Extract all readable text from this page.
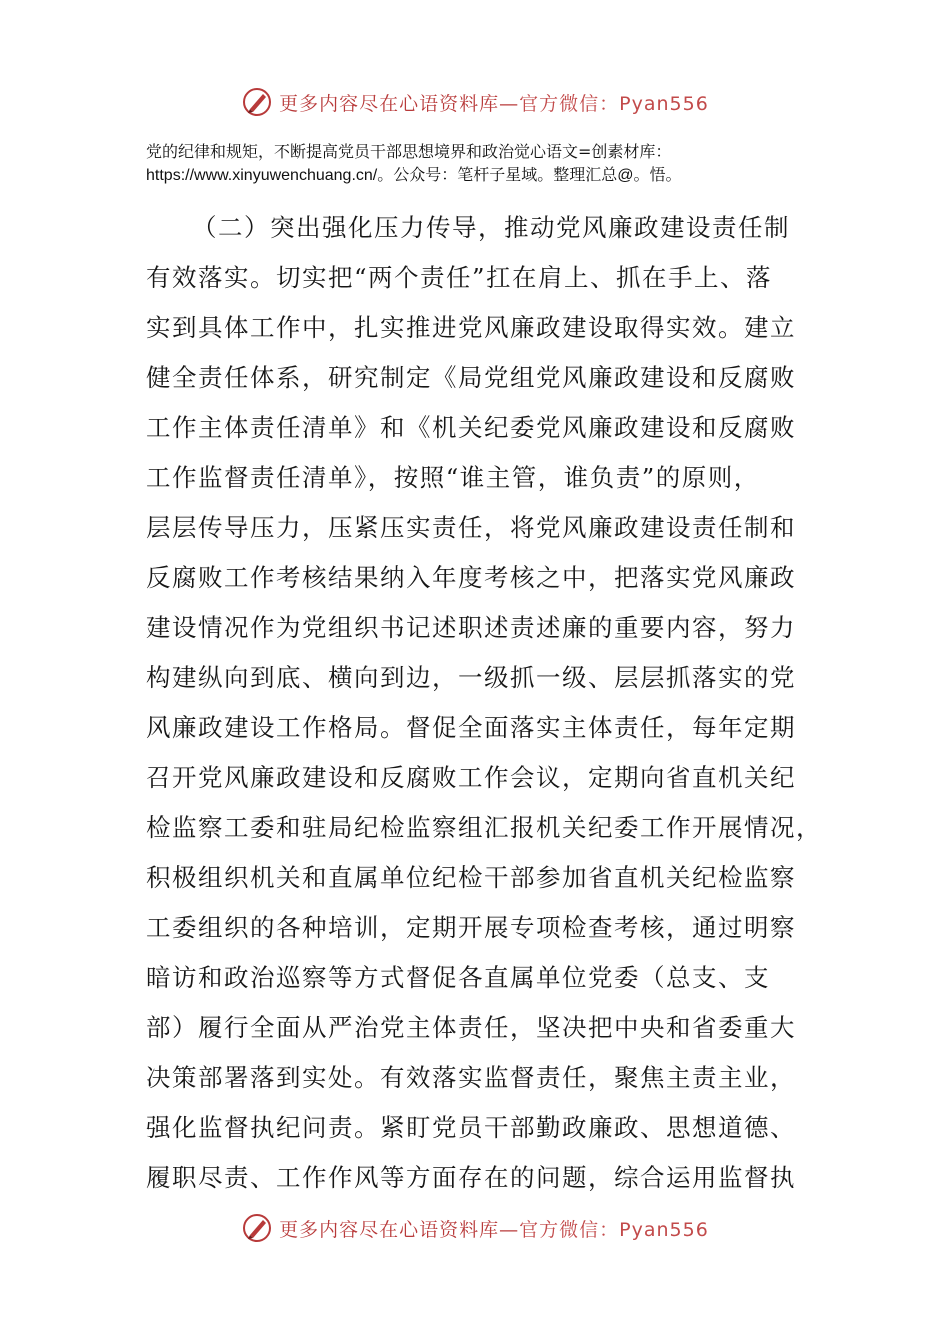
更多内容尽在心语资料库—官方微信：Pyan556
党的纪律和规矩，不断提高党员干部思想境界和政治觉心语文=创素材库：
https://www.xinyuwenchuang.cn/。公众号：笔杆子星域。整理汇总@。悟。
（二）突出强化压力传导，推动党风廉政建设责任制
有效落实。切实把“两个责任”扛在肩上、抓在手上、落
实到具体工作中，扎实推进党风廉政建设取得实效。建立
健全责任体系，研究制定《局党组党风廉政建设和反腐败
工作主体责任清单》和《机关纪委党风廉政建设和反腐败
工作监督责任清单》，按照“谁主管，谁负责”的原则，
层层传导压力，压紧压实责任，将党风廉政建设责任制和
反腐败工作考核结果纳入年度考核之中，把落实党风廉政
建设情况作为党组织书记述职述责述廉的重要内容，努力
构建纵向到底、横向到边，一级抓一级、层层抓落实的党
风廉政建设工作格局。督促全面落实主体责任，每年定期
召开党风廉政建设和反腐败工作会议，定期向省直机关纪
检监察工委和驻局纪检监察组汇报机关纪委工作开展情况，
积极组织机关和直属单位纪检干部参加省直机关纪检监察
工委组织的各种培训，定期开展专项检查考核，通过明察
暗访和政治巡察等方式督促各直属单位党委（总支、支
部）履行全面从严治党主体责任，坚决把中央和省委重大
决策部署落到实处。有效落实监督责任，聚焦主责主业，
强化监督执纪问责。紧盯党员干部勤政廉政、思想道德、
履职尽责、工作作风等方面存在的问题，综合运用监督执
更多内容尽在心语资料库—官方微信：Pyan556
